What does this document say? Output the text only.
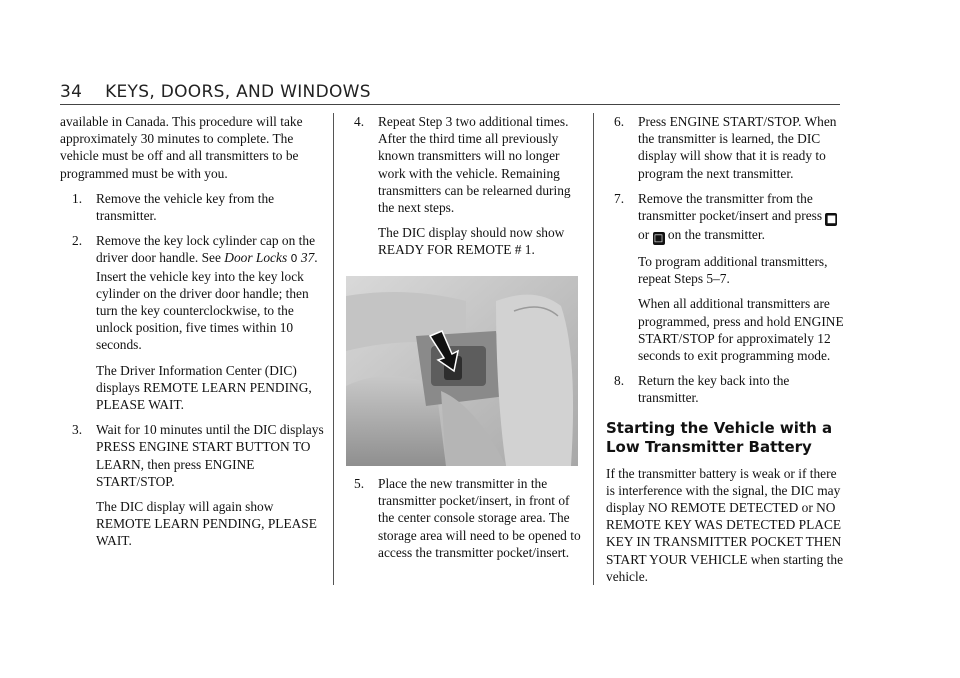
34 KEYS, DOORS, AND WINDOWS

available in Canada. This procedure will take approximately 30 minutes to complete. The vehicle must be off and all transmitters to be programmed must be with you.

1.	Remove the vehicle key from the transmitter.
2.	Remove the key lock cylinder cap on the driver door handle. See Door Locks 0 37. Insert the vehicle key into the key lock cylinder on the driver door handle; then turn the key counterclockwise, to the unlock position, five times within 10 seconds.

The Driver Information Center (DIC) displays REMOTE LEARN PENDING, PLEASE WAIT.

3.	Wait for 10 minutes until the DIC displays PRESS ENGINE START BUTTON TO LEARN, then press ENGINE START/STOP.

The DIC display will again show REMOTE LEARN PENDING, PLEASE WAIT.

4.	Repeat Step 3 two additional times. After the third time all previously known transmitters will no longer work with the vehicle. Remaining transmitters can be relearned during the next steps.

The DIC display should now show READY FOR REMOTE # 1.

5.	Place the new transmitter in the transmitter pocket/insert, in front of the center console storage area. The storage area will need to be opened to access the transmitter pocket/insert.
6.	Press ENGINE START/STOP. When the transmitter is learned, the DIC display will show that it is ready to program the next transmitter.
7.	Remove the transmitter from the transmitter pocket/insert and press ■ or □ on the transmitter.

To program additional transmitters, repeat Steps 5–7.

When all additional transmitters are programmed, press and hold ENGINE START/STOP for approximately 12 seconds to exit programming mode.

8.	Return the key back into the transmitter.
Starting the Vehicle with a Low Transmitter Battery

If the transmitter battery is weak or if there is interference with the signal, the DIC may display NO REMOTE DETECTED or NO REMOTE KEY WAS DETECTED PLACE KEY IN TRANSMITTER POCKET THEN START YOUR VEHICLE when starting the vehicle.
